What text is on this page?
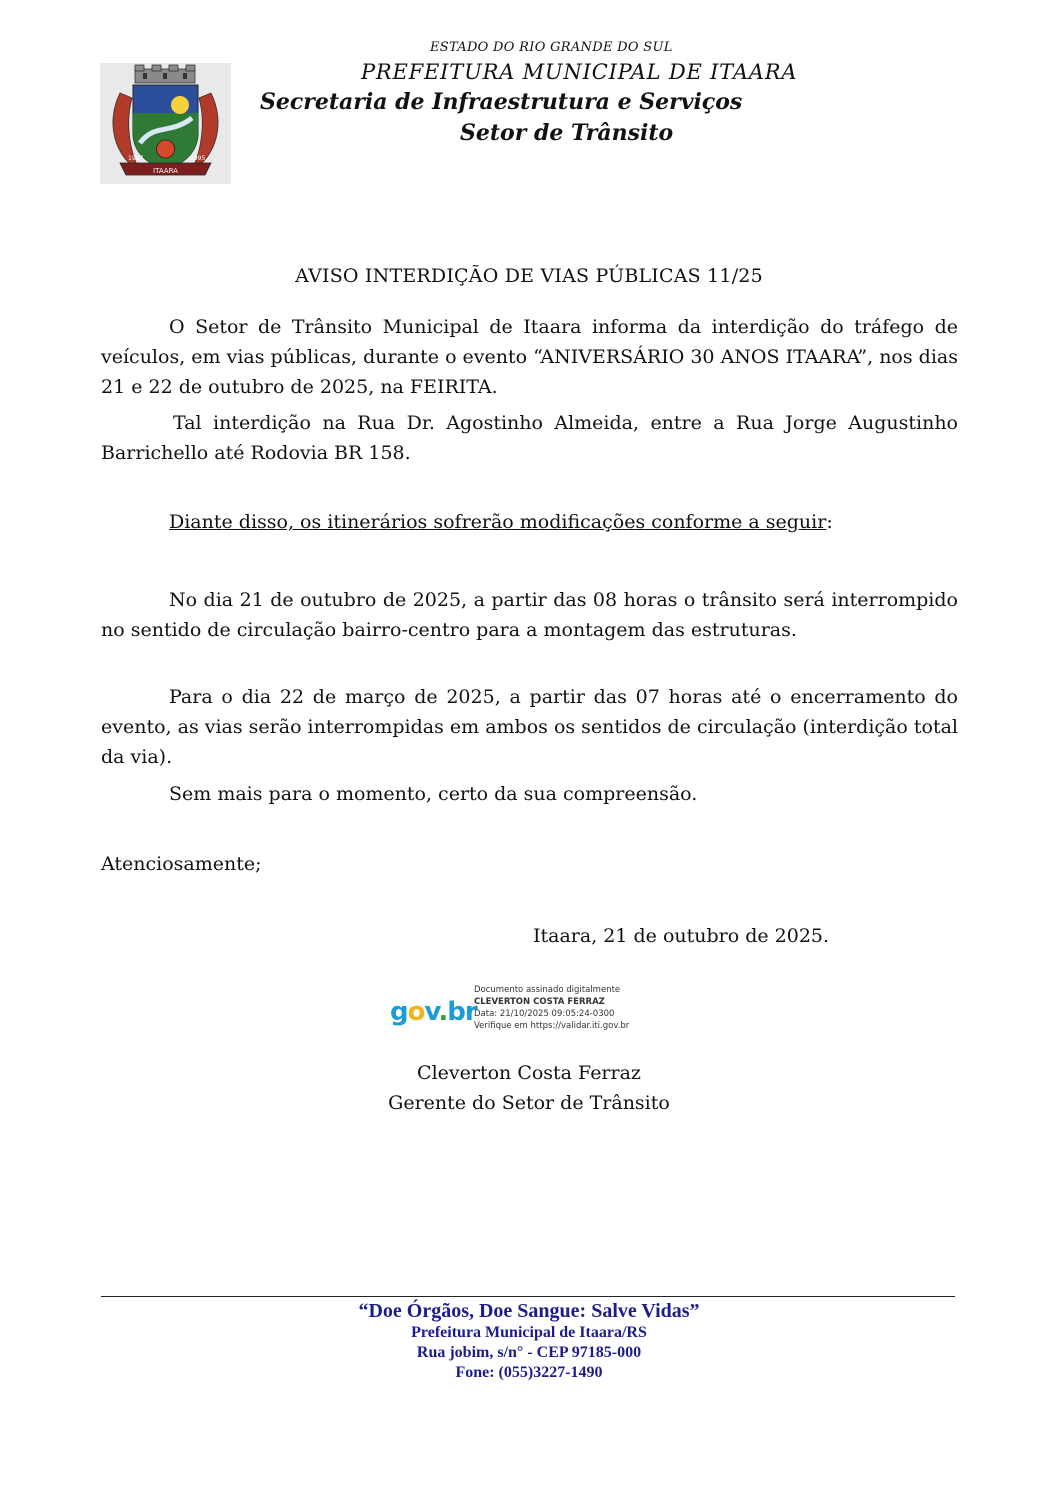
ESTADO DO RIO GRANDE DO SUL
PREFEITURA MUNICIPAL DE ITAARA
Secretaria de Infraestrutura e Serviços
Setor de Trânsito
ITAARA
1997	1995
AVISO INTERDIÇÃO DE VIAS PÚBLICAS 11/25
O Setor de Trânsito Municipal de Itaara informa da interdição do tráfego de veículos, em vias públicas, durante o evento “ANIVERSÁRIO 30 ANOS ITAARA”, nos dias 21 e 22 de outubro de 2025, na FEIRITA.
Tal interdição na Rua Dr. Agostinho Almeida, entre a Rua Jorge Augustinho Barrichello até Rodovia BR 158.
Diante disso, os itinerários sofrerão modificações conforme a seguir:
No dia 21 de outubro de 2025, a partir das 08 horas o trânsito será interrompido no sentido de circulação bairro-centro para a montagem das estruturas.
Para o dia 22 de março de 2025, a partir das 07 horas até o encerramento do evento, as vias serão interrompidas em ambos os sentidos de circulação (interdição total da via).
Sem mais para o momento, certo da sua compreensão.
Atenciosamente;
Itaara, 21 de outubro de 2025.
gov.br
Documento assinado digitalmente
CLEVERTON COSTA FERRAZ
Data: 21/10/2025 09:05:24-0300
Verifique em https://validar.iti.gov.br
Cleverton Costa Ferraz
Gerente do Setor de Trânsito
“Doe Órgãos, Doe Sangue: Salve Vidas”
Prefeitura Municipal de Itaara/RS
Rua jobim, s/n° - CEP 97185-000
Fone: (055)3227-1490
